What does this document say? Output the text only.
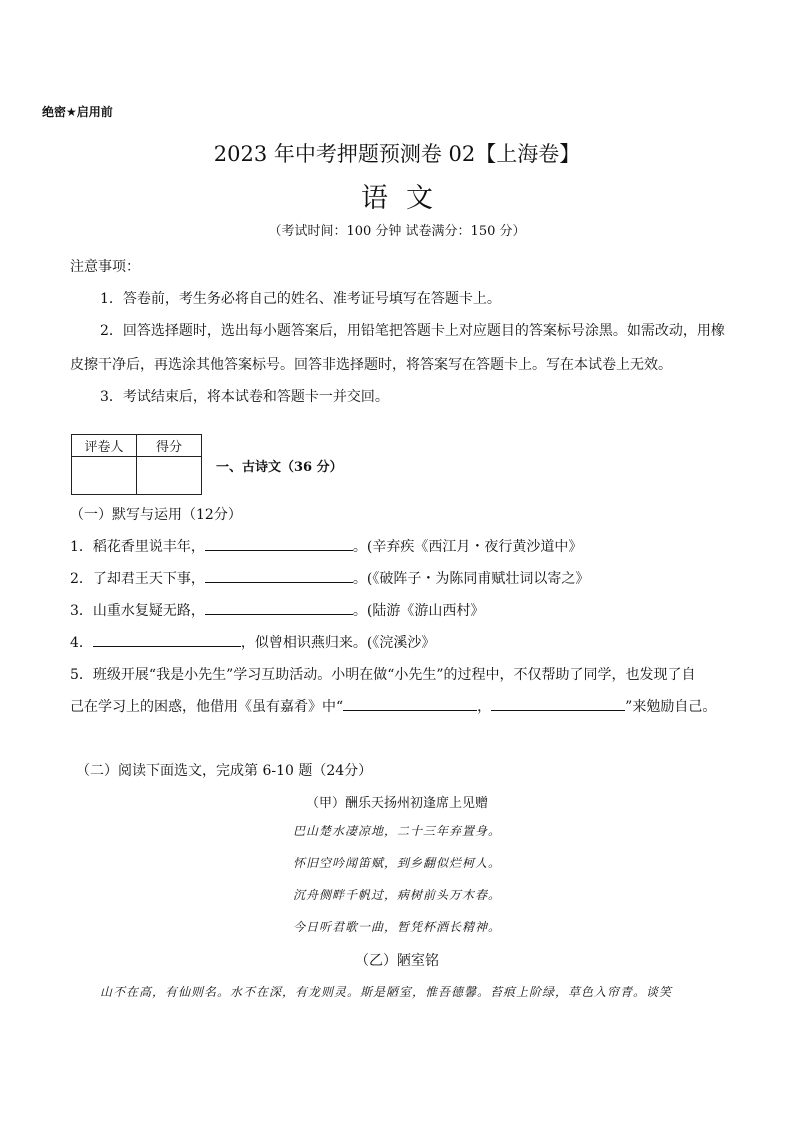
绝密★启用前
2023 年中考押题预测卷 02【上海卷】
语文
（考试时间：100 分钟 试卷满分：150 分）
注意事项：
1．答卷前，考生务必将自己的姓名、准考证号填写在答题卡上。
2．回答选择题时，选出每小题答案后，用铅笔把答题卡上对应题目的答案标号涂黑。如需改动，用橡
皮擦干净后，再选涂其他答案标号。回答非选择题时，将答案写在答题卡上。写在本试卷上无效。
3．考试结束后，将本试卷和答题卡一并交回。
评卷人	得分

一、古诗文（36 分）
（一）默写与运用（12分）
1．稻花香里说丰年，	。(辛弃疾《西江月・夜行黄沙道中》
2．了却君王天下事，	。(《破阵子・为陈同甫赋壮词以寄之》
3．山重水复疑无路，	。(陆游《游山西村》
4．	，似曾相识燕归来。(《浣溪沙》
5．班级开展“我是小先生”学习互助活动。小明在做“小先生”的过程中，不仅帮助了同学，也发现了自
己在学习上的困惑，他借用《虽有嘉肴》中“	，	”来勉励自己。
（二）阅读下面选文，完成第 6-10 题（24分）
（甲）酬乐天扬州初逢席上见赠
巴山楚水凄凉地，二十三年弃置身。
怀旧空吟闻笛赋，到乡翻似烂柯人。
沉舟侧畔千帆过，病树前头万木春。
今日听君歌一曲，暂凭杯酒长精神。
（乙）陋室铭
山不在高，有仙则名。水不在深，有龙则灵。斯是陋室，惟吾德馨。苔痕上阶绿，草色入帘青。谈笑
